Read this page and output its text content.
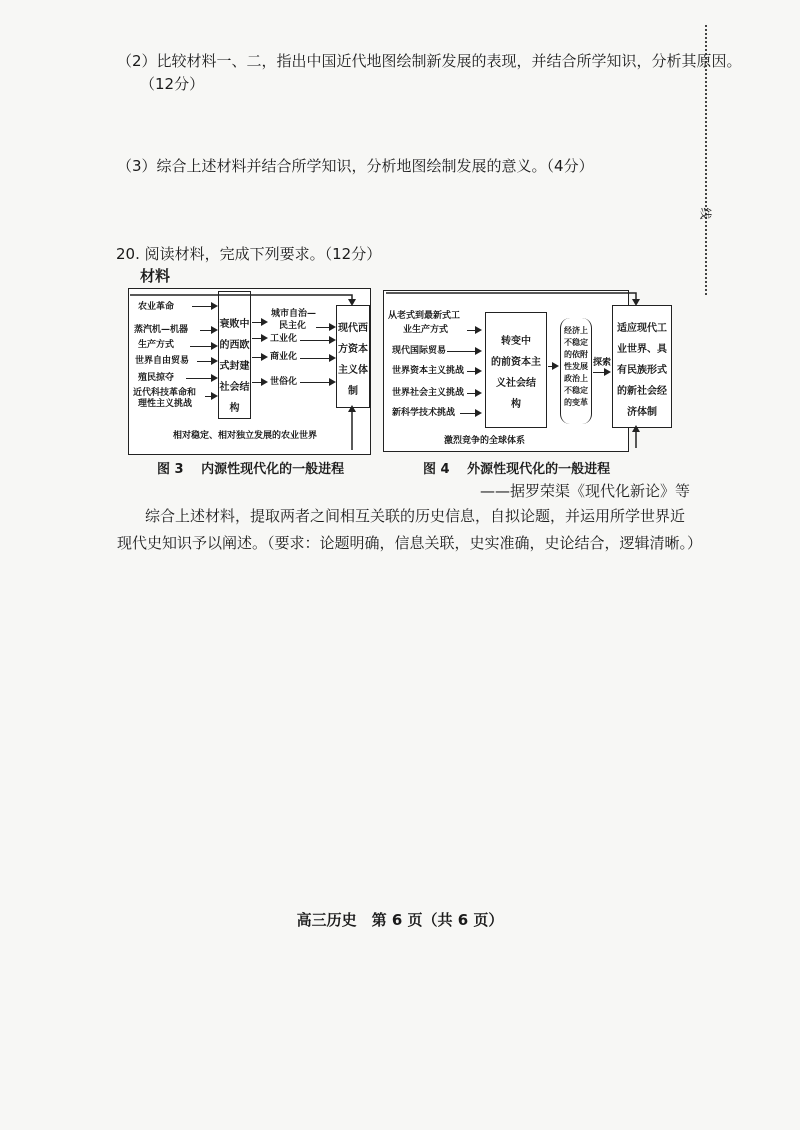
线
（2）比较材料一、二，指出中国近代地图绘制新发展的表现，并结合所学知识，分析其原因。
（12分）
（3）综合上述材料并结合所学知识，分析地图绘制发展的意义。（4分）
20. 阅读材料，完成下列要求。（12分）
材料
农业革命
蒸汽机—机器
生产方式
世界自由贸易
殖民掠夺
近代科技革命和
理性主义挑战
衰败中
的西欧
式封建
社会结
构
城市自治—
民主化
工业化
商业化
世俗化
现代西
方资本
主义体
制
相对稳定、相对独立发展的农业世界
从老式到最新式工
业生产方式
现代国际贸易
世界资本主义挑战
世界社会主义挑战
新科学技术挑战
转变中
的前资本主
义社会结
构
经济上
不稳定
的依附
性发展
政治上
不稳定
的变革
探索
适应现代工
业世界、具
有民族形式
的新社会经
济体制
激烈竞争的全球体系
图 3　 内源性现代化的一般进程	图 4　 外源性现代化的一般进程
——据罗荣渠《现代化新论》等
综合上述材料，提取两者之间相互关联的历史信息，自拟论题，并运用所学世界近现代史知识予以阐述。（要求：论题明确，信息关联，史实准确，史论结合，逻辑清晰。）
高三历史　第 6 页（共 6 页）
